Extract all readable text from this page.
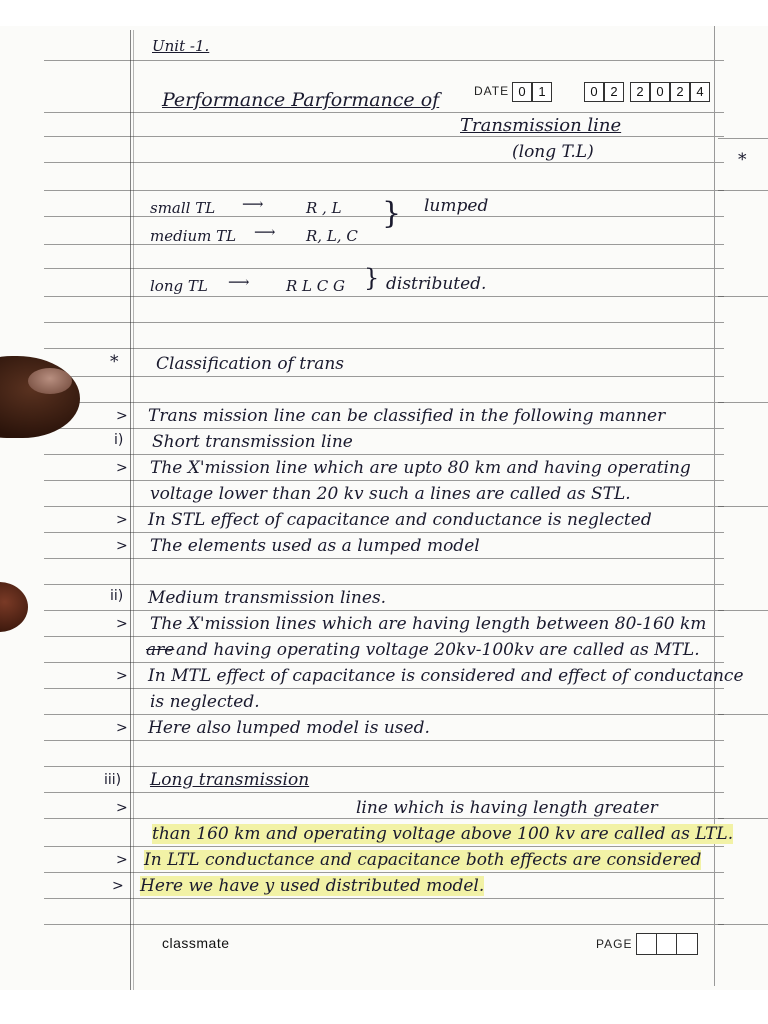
Unit -1.
DATE 0 1	0 2	2 0 2 4
Performance Parformance of
Transmission line
(long T.L)	*
small TL ⟶	R , L
medium TL ⟶ R, L, C
} lumped
long TL ⟶ R L C G } distributed.
* Classification of trans
> Trans mission line can be classified in the following manner
i) Short transmission line
> The X'mission line which are upto 80 km and having operating
voltage lower than 20 kv such a lines are called as STL.
> In STL effect of capacitance and conductance is neglected
> The elements used as a lumped model
ii) Medium transmission lines.
> The X'mission lines which are having length between 80-160 km
are and having operating voltage 20kv-100kv are called as MTL.
> In MTL effect of capacitance is considered and effect of conductance
is neglected.
> Here also lumped model is used.
iii) Long transmission
>	line which is having length greater
than 160 km and operating voltage above 100 kv are called as LTL.
> In LTL conductance and capacitance both effects are considered
> Here we have y used distributed model.
classmate	PAGE
